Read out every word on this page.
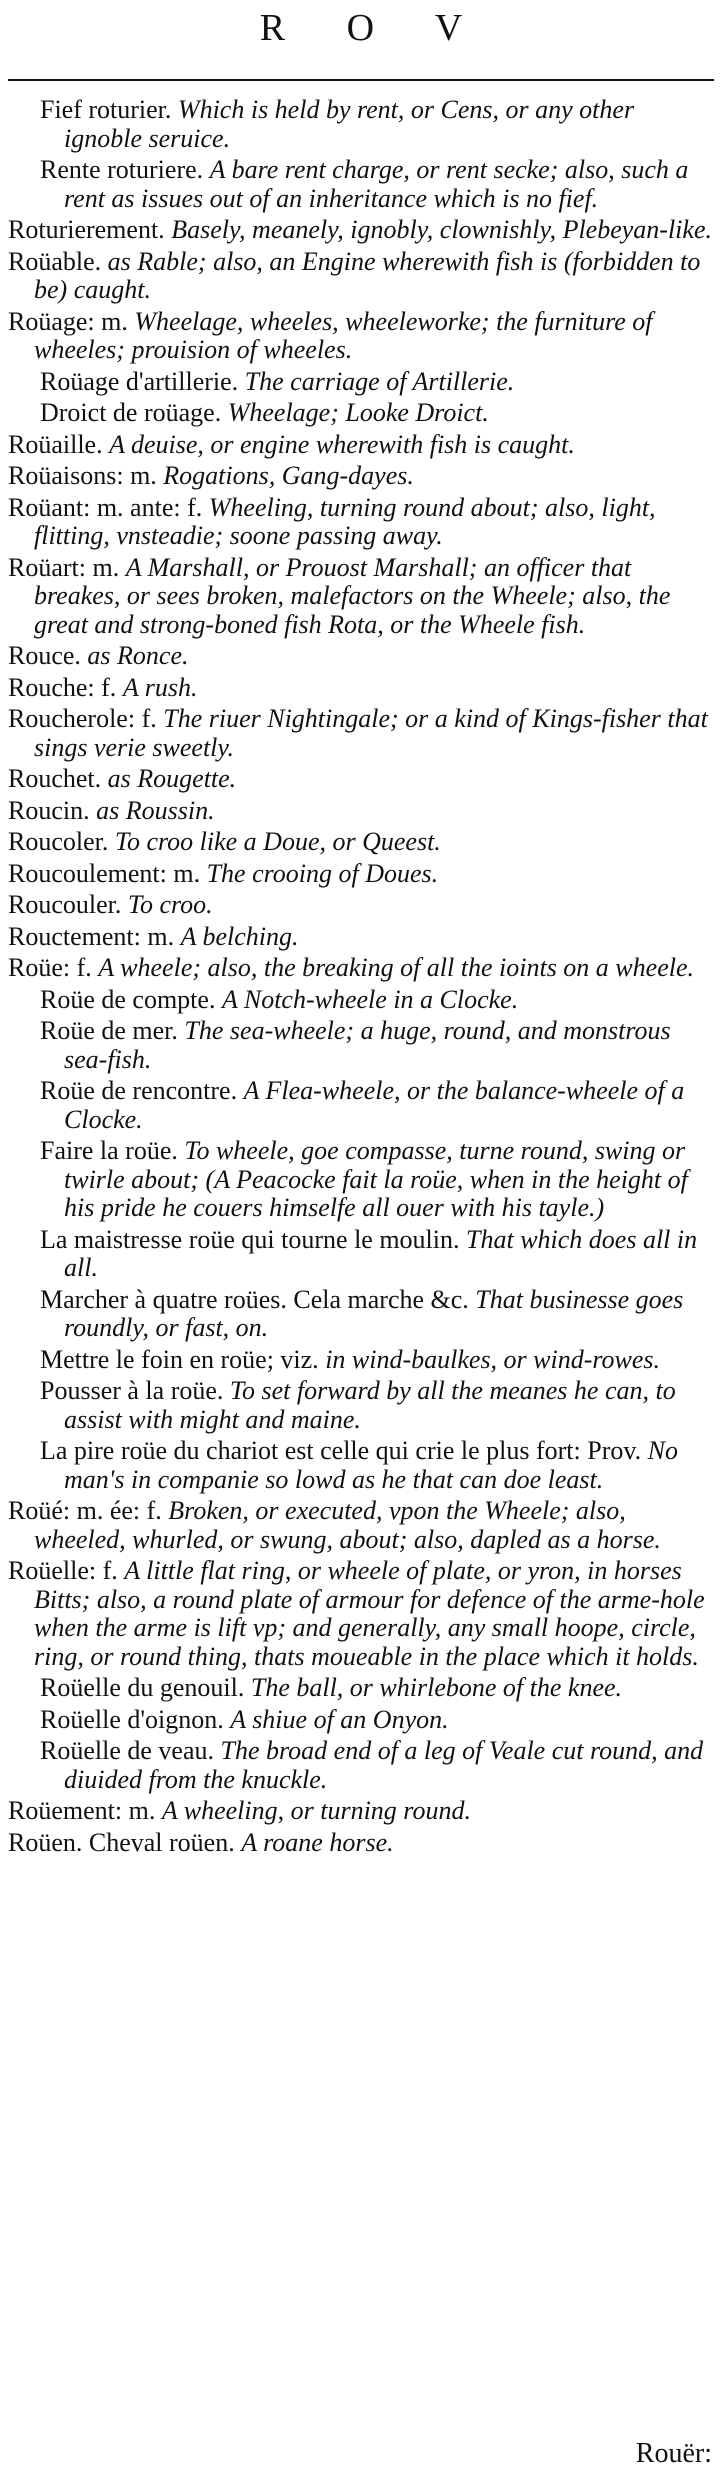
R O V
Fief roturier. Which is held by rent, or Cens, or any other ignoble seruice.
Rente roturiere. A bare rent charge, or rent secke; also, such a rent as issues out of an inheritance which is no fief.
Roturierement. Basely, meanely, ignobly, clownishly, Plebeyan-like.
Roüable. as Rable; also, an Engine wherewith fish is (forbidden to be) caught.
Roüage: m. Wheelage, wheeles, wheeleworke; the furniture of wheeles; prouision of wheeles.
Roüage d'artillerie. The carriage of Artillerie.
Droict de roüage. Wheelage; Looke Droict.
Roüaille. A deuise, or engine wherewith fish is caught.
Roüaisons: m. Rogations, Gang-dayes.
Roüant: m. ante: f. Wheeling, turning round about; also, light, flitting, vnsteadie; soone passing away.
Roüart: m. A Marshall, or Prouost Marshall; an officer that breakes, or sees broken, malefactors on the Wheele; also, the great and strong-boned fish Rota, or the Wheele fish.
Rouce. as Ronce.
Rouche: f. A rush.
Roucherole: f. The riuer Nightingale; or a kind of Kings-fisher that sings verie sweetly.
Rouchet. as Rougette.
Roucin. as Roussin.
Roucoler. To croo like a Doue, or Queest.
Roucoulement: m. The crooing of Doues.
Roucouler. To croo.
Rouctement: m. A belching.
Roüe: f. A wheele; also, the breaking of all the ioints on a wheele.
Roüe de compte. A Notch-wheele in a Clocke.
Roüe de mer. The sea-wheele; a huge, round, and monstrous sea-fish.
Roüe de rencontre. A Flea-wheele, or the balance-wheele of a Clocke.
Faire la roüe. To wheele, goe compasse, turne round, swing or twirle about; (A Peacocke fait la roüe, when in the height of his pride he couers himselfe all ouer with his tayle.)
La maistresse roüe qui tourne le moulin. That which does all in all.
Marcher à quatre roües. Cela marche &c. That businesse goes roundly, or fast, on.
Mettre le foin en roüe; viz. in wind-baulkes, or wind-rowes.
Pousser à la roüe. To set forward by all the meanes he can, to assist with might and maine.
La pire roüe du chariot est celle qui crie le plus fort: Prov. No man's in companie so lowd as he that can doe least.
Roüé: m. ée: f. Broken, or executed, vpon the Wheele; also, wheeled, whurled, or swung, about; also, dapled as a horse.
Roüelle: f. A little flat ring, or wheele of plate, or yron, in horses Bitts; also, a round plate of armour for defence of the arme-hole when the arme is lift vp; and generally, any small hoope, circle, ring, or round thing, thats moueable in the place which it holds.
Roüelle du genouil. The ball, or whirlebone of the knee.
Roüelle d'oignon. A shiue of an Onyon.
Roüelle de veau. The broad end of a leg of Veale cut round, and diuided from the knuckle.
Roüement: m. A wheeling, or turning round.
Roüen. Cheval roüen. A roane horse.
Rouër:
